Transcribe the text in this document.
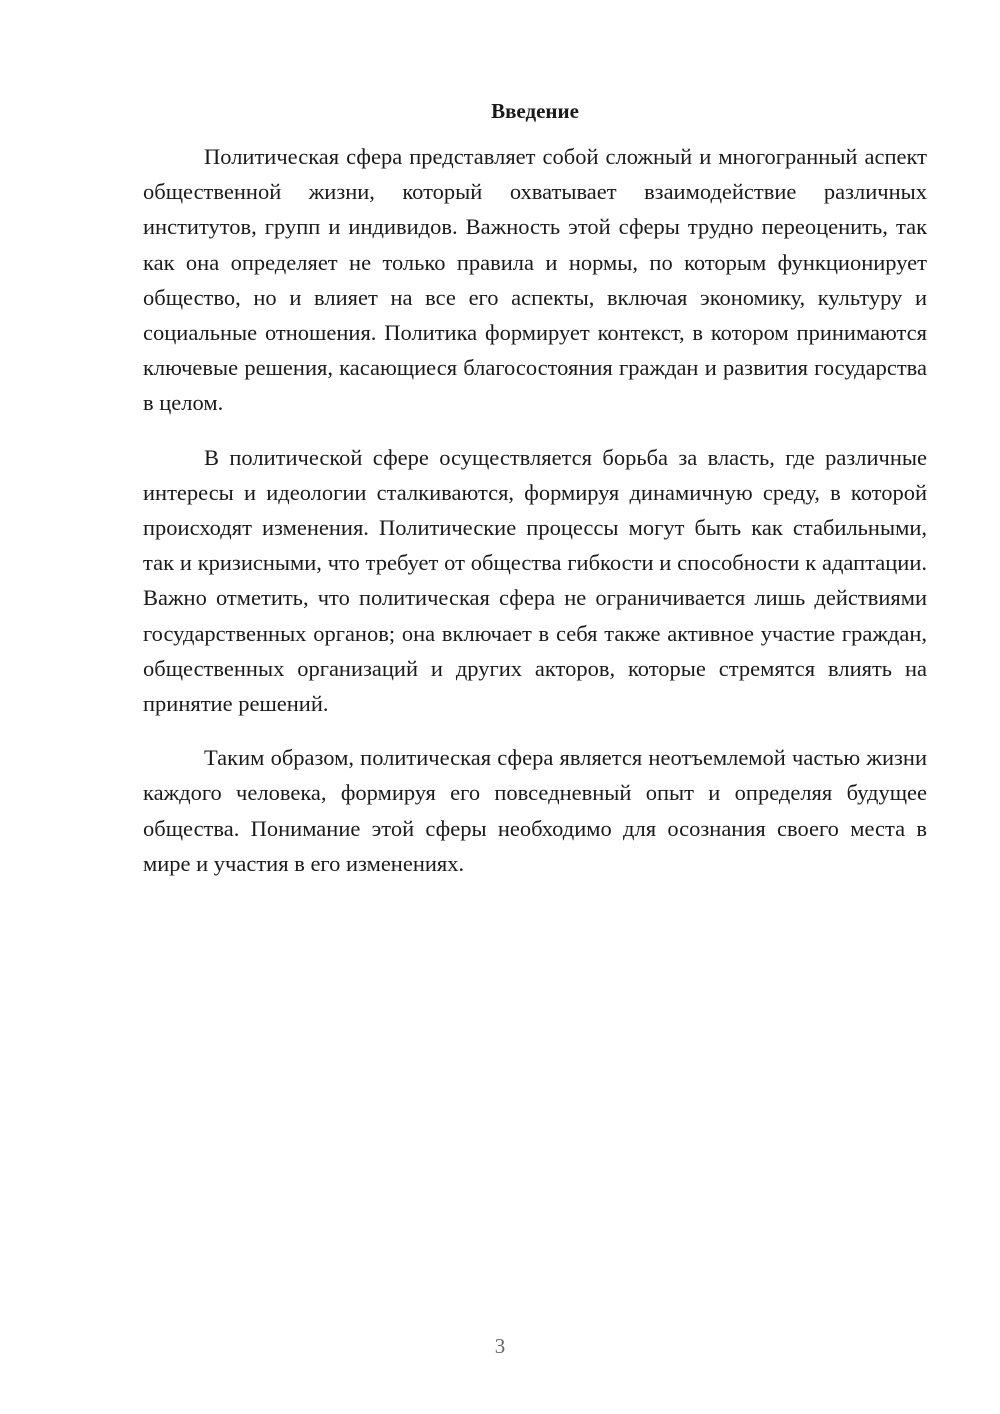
Введение

Политическая сфера представляет собой сложный и многогранный аспект общественной жизни, который охватывает взаимодействие различных институтов, групп и индивидов. Важность этой сферы трудно переоценить, так как она определяет не только правила и нормы, по которым функционирует общество, но и влияет на все его аспекты, включая экономику, культуру и социальные отношения. Политика формирует контекст, в котором принимаются ключевые решения, касающиеся благосостояния граждан и развития государства в целом.

В политической сфере осуществляется борьба за власть, где различные интересы и идеологии сталкиваются, формируя динамичную среду, в которой происходят изменения. Политические процессы могут быть как стабильными, так и кризисными, что требует от общества гибкости и способности к адаптации. Важно отметить, что политическая сфера не ограничивается лишь действиями государственных органов; она включает в себя также активное участие граждан, общественных организаций и других акторов, которые стремятся влиять на принятие решений.

Таким образом, политическая сфера является неотъемлемой частью жизни каждого человека, формируя его повседневный опыт и определяя будущее общества. Понимание этой сферы необходимо для осознания своего места в мире и участия в его изменениях.

3
